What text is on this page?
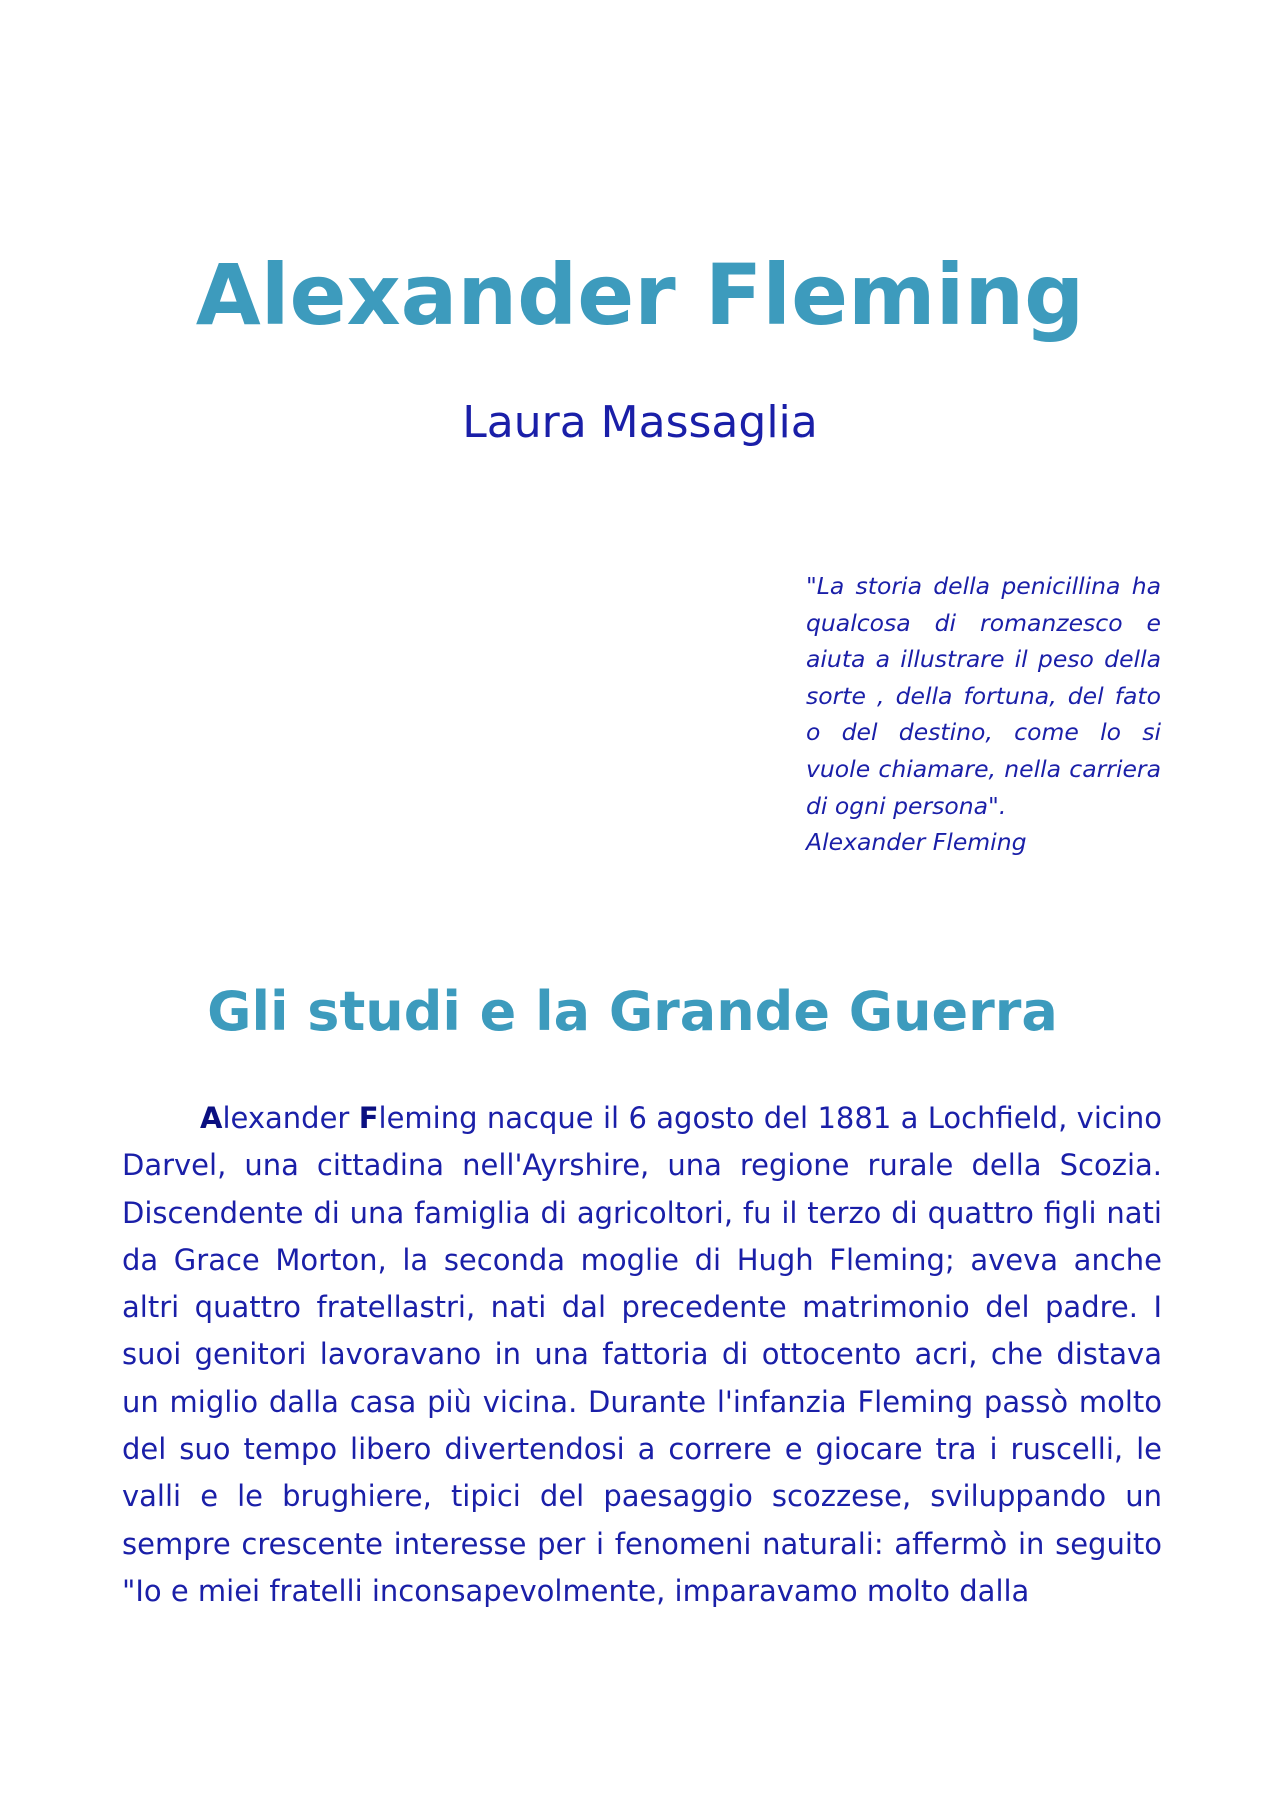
Alexander Fleming
Laura Massaglia
"La storia della penicillina ha qualcosa di romanzesco e aiuta a illustrare il peso della sorte , della fortuna, del fato o del destino, come lo si vuole chiamare, nella carriera di ogni persona".
Alexander Fleming
Gli studi e la Grande Guerra

Alexander Fleming nacque il 6 agosto del 1881 a Lochfield, vicino Darvel, una cittadina nell'Ayrshire, una regione rurale della Scozia. Discendente di una famiglia di agricoltori, fu il terzo di quattro figli nati da Grace Morton, la seconda moglie di Hugh Fleming; aveva anche altri quattro fratellastri, nati dal precedente matrimonio del padre. I suoi genitori lavoravano in una fattoria di ottocento acri, che distava un miglio dalla casa più vicina. Durante l'infanzia Fleming passò molto del suo tempo libero divertendosi a correre e giocare tra i ruscelli, le valli e le brughiere, tipici del paesaggio scozzese, sviluppando un sempre crescente interesse per i fenomeni naturali: affermò in seguito "Io e miei fratelli inconsapevolmente, imparavamo molto dalla
